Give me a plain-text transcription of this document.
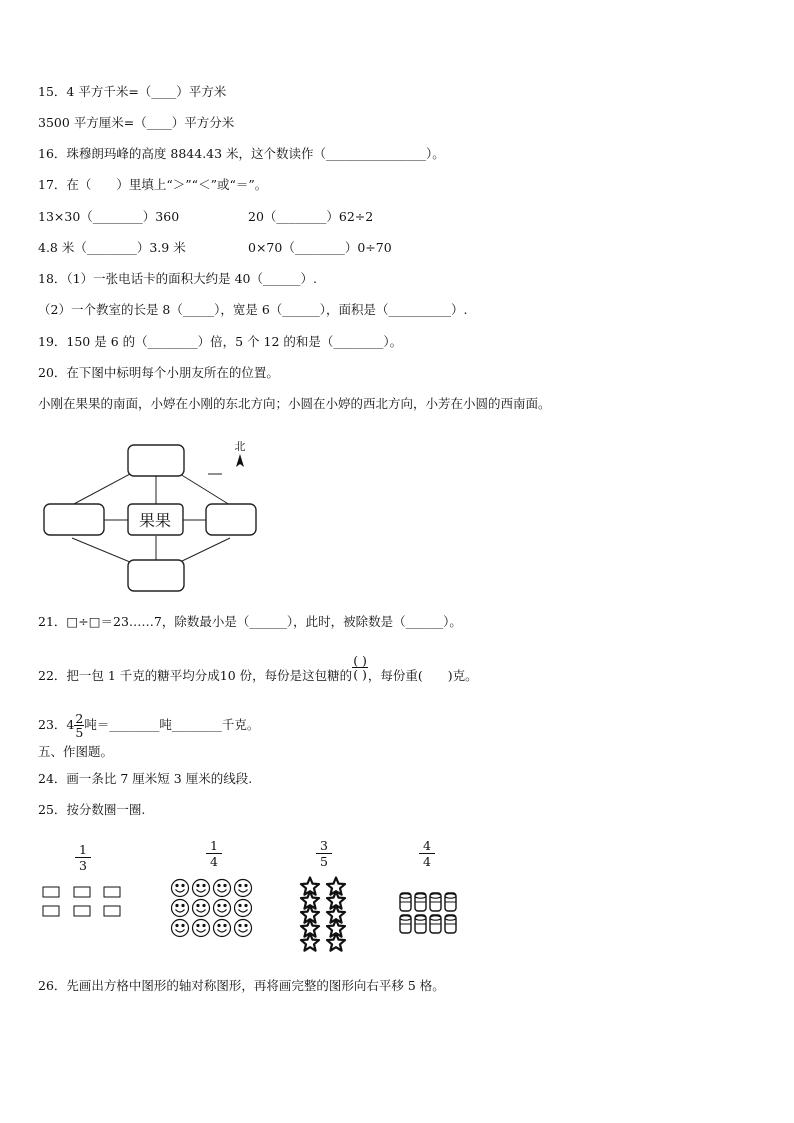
15．4 平方千米=（____）平方米
3500 平方厘米=（____）平方分米
16．珠穆朗玛峰的高度 8844.43 米，这个数读作（________________）。
17．在（　　）里填上“＞”“＜”或“＝”。
13×30（________）360	20（________）62÷2
4.8 米（________）3.9 米	0×70（________）0÷70
18．（1）一张电话卡的面积大约是 40（______）.
（2）一个教室的长是 8（_____），宽是 6（______），面积是（__________）.
19．150 是 6 的（________）倍，5 个 12 的和是（________）。
20．在下图中标明每个小朋友所在的位置。
小刚在果果的南面，小婷在小刚的东北方向；小圆在小婷的西北方向，小芳在小圆的西南面。
果果
北
21．□÷□＝23……7，除数最小是（______），此时，被除数是（______）。
22．把一包 1 千克的糖平均分成10 份，每份是这包糖的 $\frac{( )}{( )}$ ，每份重(　　)克。
23．$4 \frac{2}{5}$ 吨＝________吨________千克。
五、作图题。
24．画一条比 7 厘米短 3 厘米的线段.
25．按分数圈一圈.
$\frac{1}{3}$	$\frac{1}{4}$	$\frac{3}{5}$	$\frac{4}{4}$
26．先画出方格中图形的轴对称图形，再将画完整的图形向右平移 5 格。
